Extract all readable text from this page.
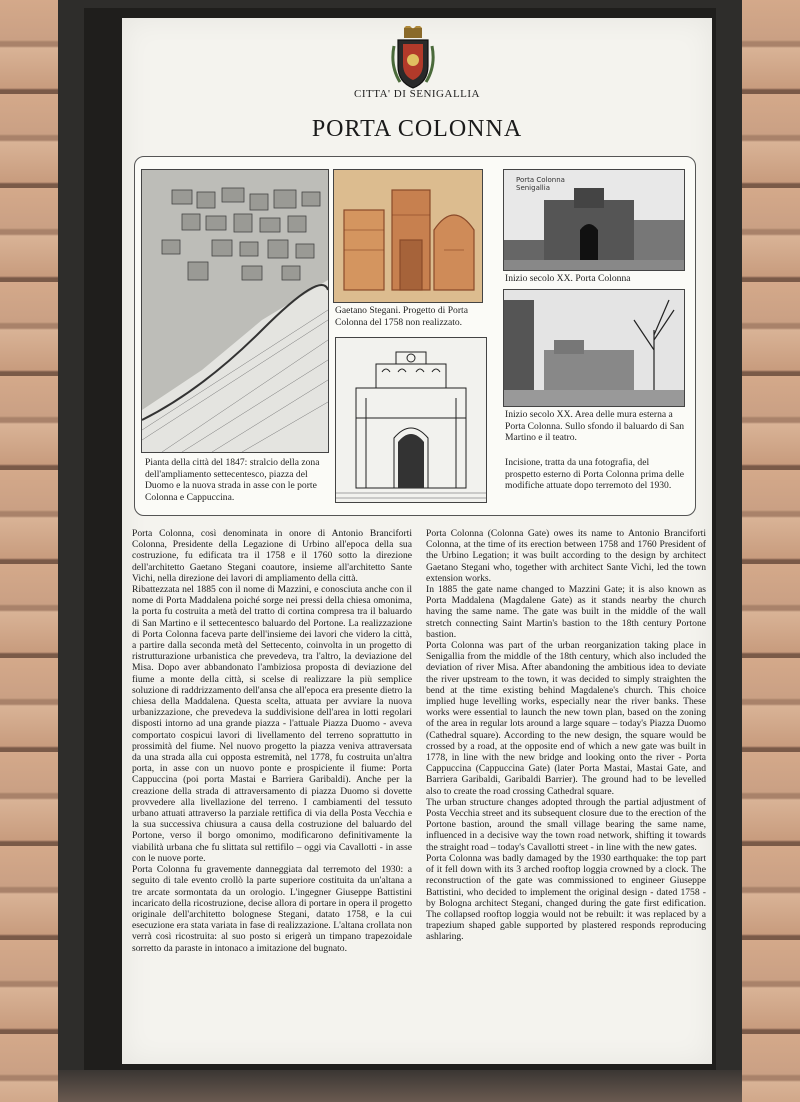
CITTA' DI SENIGALLIA
PORTA COLONNA
Pianta della città del 1847: stralcio della zona dell'ampliamento settecentesco, piazza del Duomo e la nuova strada in asse con le porte Colonna e Cappuccina.
Gaetano Stegani. Progetto di Porta Colonna del 1758 non realizzato.
Porta Colonna Senigallia
Inizio secolo XX. Porta Colonna
Inizio secolo XX. Area delle mura esterna a Porta Colonna. Sullo sfondo il baluardo di San Martino e il teatro.
Incisione, tratta da una fotografia, del prospetto esterno di Porta Colonna prima delle modifiche attuate dopo terremoto del 1930.

Porta Colonna, così denominata in onore di Antonio Branciforti Colonna, Presidente della Legazione di Urbino all'epoca della sua costruzione, fu edificata tra il 1758 e il 1760 sotto la direzione dell'architetto Gaetano Stegani coautore, insieme all'architetto Sante Vichi, nella direzione dei lavori di ampliamento della città.

Ribattezzata nel 1885 con il nome di Mazzini, e conosciuta anche con il nome di Porta Maddalena poiché sorge nei pressi della chiesa omonima, la porta fu costruita a metà del tratto di cortina compresa tra il baluardo di San Martino e il settecentesco baluardo del Portone. La realizzazione di Porta Colonna faceva parte dell'insieme dei lavori che videro la città, a partire dalla seconda metà del Settecento, coinvolta in un progetto di ristrutturazione urbanistica che prevedeva, tra l'altro, la deviazione del Misa. Dopo aver abbandonato l'ambiziosa proposta di deviazione del fiume a monte della città, si scelse di realizzare la più semplice soluzione di raddrizzamento dell'ansa che all'epoca era presente dietro la chiesa della Maddalena. Questa scelta, attuata per avviare la nuova urbanizzazione, che prevedeva la suddivisione dell'area in lotti regolari disposti intorno ad una grande piazza - l'attuale Piazza Duomo - aveva comportato cospicui lavori di livellamento del terreno soprattutto in prossimità del fiume. Nel nuovo progetto la piazza veniva attraversata da una strada alla cui opposta estremità, nel 1778, fu costruita un'altra porta, in asse con un nuovo ponte e prospiciente il fiume: Porta Cappuccina (poi porta Mastai e Barriera Garibaldi). Anche per la creazione della strada di attraversamento di piazza Duomo si dovette provvedere alla livellazione del terreno. I cambiamenti del tessuto urbano attuati attraverso la parziale rettifica di via della Posta Vecchia e la sua successiva chiusura a causa della costruzione del baluardo del Portone, verso il borgo omonimo, modificarono definitivamente la viabilità urbana che fu slittata sul rettifilo – oggi via Cavallotti - in asse con le nuove porte.

Porta Colonna fu gravemente danneggiata dal terremoto del 1930: a seguito di tale evento crollò la parte superiore costituita da un'altana a tre arcate sormontata da un orologio. L'ingegner Giuseppe Battistini incaricato della ricostruzione, decise allora di portare in opera il progetto originale dell'architetto bolognese Stegani, datato 1758, e la cui esecuzione era stata variata in fase di realizzazione. L'altana crollata non verrà così ricostruita: al suo posto si erigerà un timpano trapezoidale sorretto da paraste in intonaco a imitazione del bugnato.

Porta Colonna (Colonna Gate) owes its name to Antonio Branciforti Colonna, at the time of its erection between 1758 and 1760 President of the Urbino Legation; it was built according to the design by architect Gaetano Stegani who, together with architect Sante Vichi, led the town extension works.

In 1885 the gate name changed to Mazzini Gate; it is also known as Porta Maddalena (Magdalene Gate) as it stands nearby the church having the same name. The gate was built in the middle of the wall stretch connecting Saint Martin's bastion to the 18th century Portone bastion.

Porta Colonna was part of the urban reorganization taking place in Senigallia from the middle of the 18th century, which also included the deviation of river Misa. After abandoning the ambitious idea to deviate the river upstream to the town, it was decided to simply straighten the bend at the time existing behind Magdalene's church. This choice implied huge levelling works, especially near the river banks. These works were essential to launch the new town plan, based on the zoning of the area in regular lots around a large square – today's Piazza Duomo (Cathedral square). According to the new design, the square would be crossed by a road, at the opposite end of which a new gate was built in 1778, in line with the new bridge and looking onto the river - Porta Cappuccina (Cappuccina Gate) (later Porta Mastai, Mastai Gate, and Barriera Garibaldi, Garibaldi Barrier). The ground had to be levelled also to create the road crossing Cathedral square.

The urban structure changes adopted through the partial adjustment of Posta Vecchia street and its subsequent closure due to the erection of the Portone bastion, around the small village bearing the same name, influenced in a decisive way the town road network, shifting it towards the straight road – today's Cavallotti street - in line with the new gates.

Porta Colonna was badly damaged by the 1930 earthquake: the top part of it fell down with its 3 arched rooftop loggia crowned by a clock. The reconstruction of the gate was commissioned to engineer Giuseppe Battistini, who decided to implement the original design - dated 1758 - by Bologna architect Stegani, changed during the gate first edification. The collapsed rooftop loggia would not be rebuilt: it was replaced by a trapezium shaped gable supported by plastered responds reproducing ashlaring.
